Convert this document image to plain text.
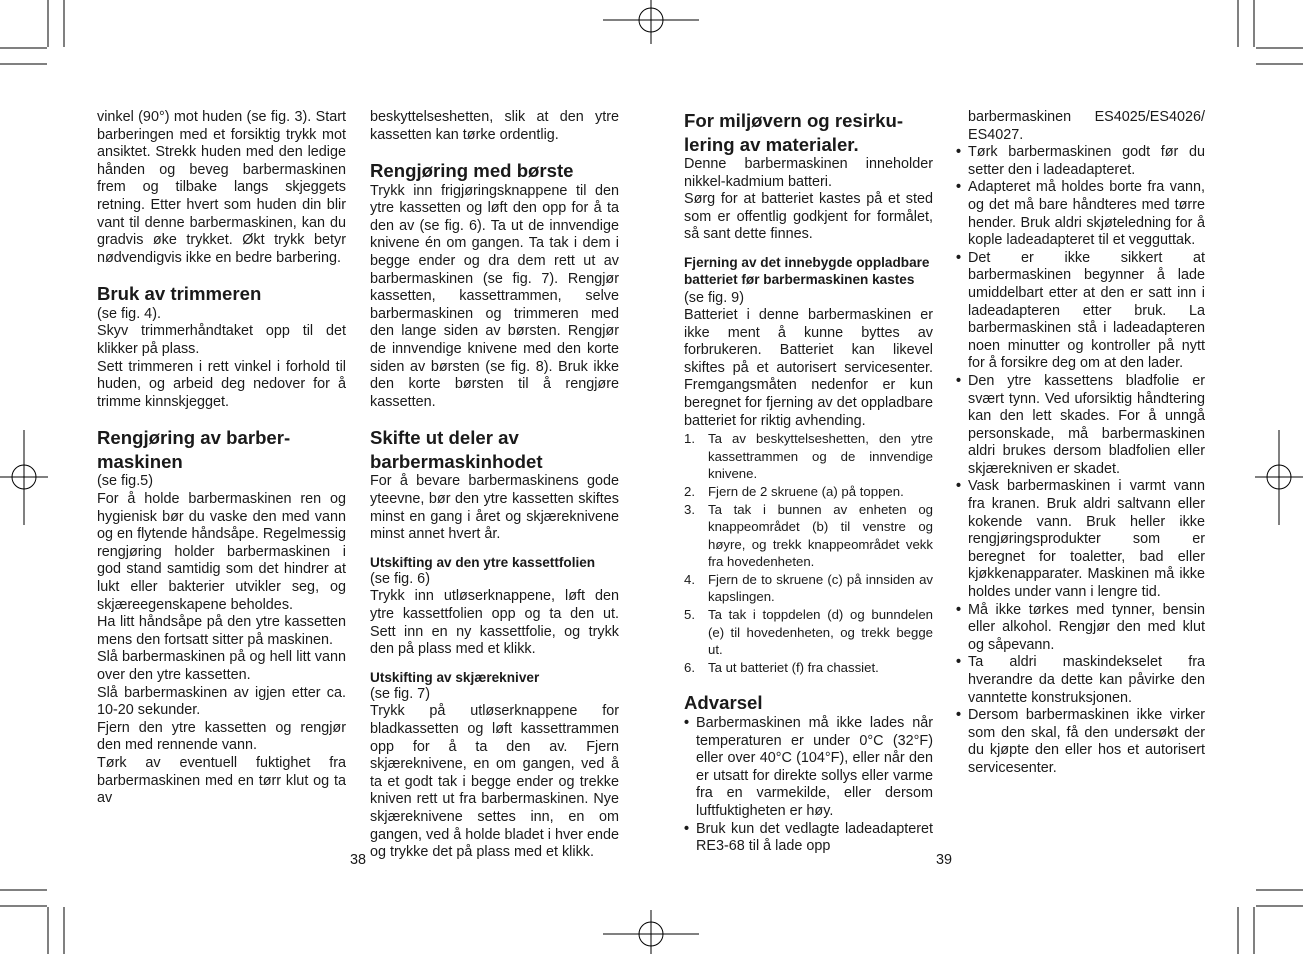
vinkel (90°) mot huden (se fig. 3). Start barberingen med et forsiktig trykk mot ansiktet. Strekk huden med den ledige hånden og beveg barbermaskinen frem og tilbake langs skjeggets retning. Etter hvert som huden din blir vant til denne barbermaskinen, kan du gradvis øke trykket. Økt trykk betyr nødvendigvis ikke en bedre barbering.

Bruk av trimmeren

(se fig. 4).

Skyv trimmerhåndtaket opp til det klikker på plass.

Sett trimmeren i rett vinkel i forhold til huden, og arbeid deg nedover for å trimme kinnskjegget.

Rengjøring av barber-maskinen

(se fig.5)

For å holde barbermaskinen ren og hygienisk bør du vaske den med vann og en flytende håndsåpe. Regelmessig rengjøring holder barbermaskinen i god stand samtidig som det hindrer at lukt eller bakterier utvikler seg, og skjæreegenskapene beholdes.

Ha litt håndsåpe på den ytre kassetten mens den fortsatt sitter på maskinen.

Slå barbermaskinen på og hell litt vann over den ytre kassetten.

Slå barbermaskinen av igjen etter ca. 10-20 sekunder.

Fjern den ytre kassetten og rengjør den med rennende vann.

Tørk av eventuell fuktighet fra barbermaskinen med en tørr klut og ta av

beskyttelseshetten, slik at den ytre kassetten kan tørke ordentlig.

Rengjøring med børste

Trykk inn frigjøringsknappene til den ytre kassetten og løft den opp for å ta den av (se fig. 6). Ta ut de innvendige knivene én om gangen. Ta tak i dem i begge ender og dra dem rett ut av barbermaskinen (se fig. 7). Rengjør kassetten, kassettrammen, selve barbermaskinen og trimmeren med den lange siden av børsten. Rengjør de innvendige knivene med den korte siden av børsten (se fig. 8). Bruk ikke den korte børsten til å rengjøre kassetten.

Skifte ut deler av barbermaskinhodet

For å bevare barbermaskinens gode yteevne, bør den ytre kassetten skiftes minst en gang i året og skjæreknivene minst annet hvert år.

Utskifting av den ytre kassettfolien

(se fig. 6)

Trykk inn utløserknappene, løft den ytre kassettfolien opp og ta den ut. Sett inn en ny kassettfolie, og trykk den på plass med et klikk.

Utskifting av skjærekniver

(se fig. 7)

Trykk på utløserknappene for bladkassetten og løft kassettrammen opp for å ta den av. Fjern skjæreknivene, en om gangen, ved å ta et godt tak i begge ender og trekke kniven rett ut fra barbermaskinen. Nye skjæreknivene settes inn, en om gangen, ved å holde bladet i hver ende og trykke det på plass med et klikk.

For miljøvern og resirku-lering av materialer.

Denne barbermaskinen inneholder nikkel-kadmium batteri.

Sørg for at batteriet kastes på et sted som er offentlig godkjent for formålet, så sant dette finnes.

Fjerning av det innebygde oppladbare batteriet før barbermaskinen kastes (se fig. 9)

Batteriet i denne barbermaskinen er ikke ment å kunne byttes av forbrukeren. Batteriet kan likevel skiftes på et autorisert servicesenter. Fremgangsmåten nedenfor er kun beregnet for fjerning av det oppladbare batteriet for riktig avhending.

1. Ta av beskyttelseshetten, den ytre kassettrammen og de innvendige knivene.
2. Fjern de 2 skruene (a) på toppen.
3. Ta tak i bunnen av enheten og knappeområdet (b) til venstre og høyre, og trekk knappeområdet vekk fra hovedenheten.
4. Fjern de to skruene (c) på innsiden av kapslingen.
5. Ta tak i toppdelen (d) og bunndelen (e) til hovedenheten, og trekk begge ut.
6. Ta ut batteriet (f) fra chassiet.
Advarsel
• Barbermaskinen må ikke lades når temperaturen er under 0°C (32°F) eller over 40°C (104°F), eller når den er utsatt for direkte sollys eller varme fra en varmekilde, eller dersom luftfuktigheten er høy.
• Bruk kun det vedlagte ladeadapteret RE3-68 til å lade opp

barbermaskinen ES4025/ES4026/ ES4027.

• Tørk barbermaskinen godt før du setter den i ladeadapteret.
• Adapteret må holdes borte fra vann, og det må bare håndteres med tørre hender. Bruk aldri skjøteledning for å kople ladeadapteret til et vegguttak.
• Det er ikke sikkert at barbermaskinen begynner å lade umiddelbart etter at den er satt inn i ladeadapteren etter bruk. La barbermaskinen stå i ladeadapteren noen minutter og kontroller på nytt for å forsikre deg om at den lader.
• Den ytre kassettens bladfolie er svært tynn. Ved uforsiktig håndtering kan den lett skades. For å unngå personskade, må barbermaskinen aldri brukes dersom bladfolien eller skjærekniven er skadet.
• Vask barbermaskinen i varmt vann fra kranen. Bruk aldri saltvann eller kokende vann. Bruk heller ikke rengjøringsprodukter som er beregnet for toaletter, bad eller kjøkkenapparater. Maskinen må ikke holdes under vann i lengre tid.
• Må ikke tørkes med tynner, bensin eller alkohol. Rengjør den med klut og såpevann.
• Ta aldri maskindekselet fra hverandre da dette kan påvirke den vanntette konstruksjonen.
• Dersom barbermaskinen ikke virker som den skal, få den undersøkt der du kjøpte den eller hos et autorisert servicesenter.
38	39
